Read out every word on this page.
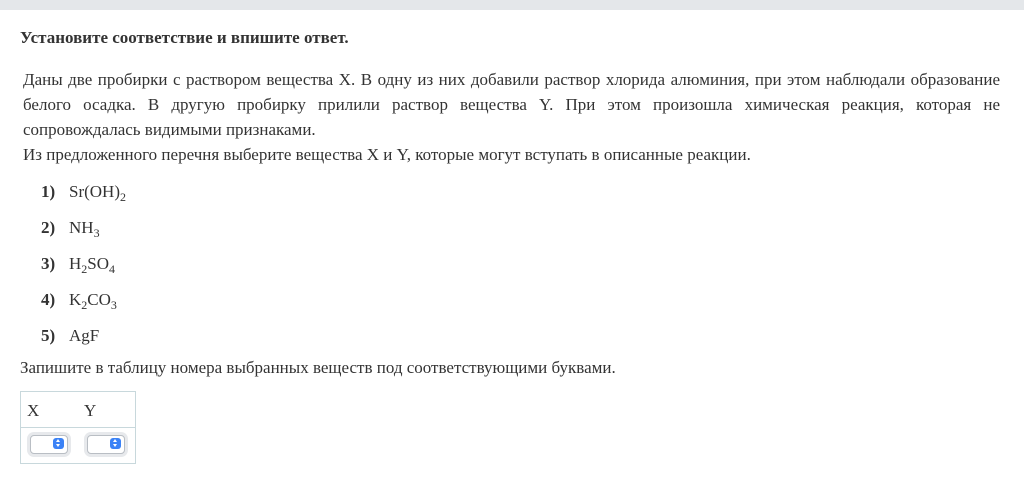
Установите соответствие и впишите ответ.

Даны две пробирки с раствором вещества X. В одну из них добавили раствор хлорида алюминия, при этом наблюдали образование белого осадка. В другую пробирку прилили раствор вещества Y. При этом произошла химическая реакция, которая не сопровождалась видимыми признаками.

Из предложенного перечня выберите вещества X и Y, которые могут вступать в описанные реакции.

1) $Sr(OH)_2$
2) $NH_3$
3) $H_2SO_4$
4) $K_2CO_3$
5) AgF
Запишите в таблицу номера выбранных веществ под соответствующими буквами.
X	Y
